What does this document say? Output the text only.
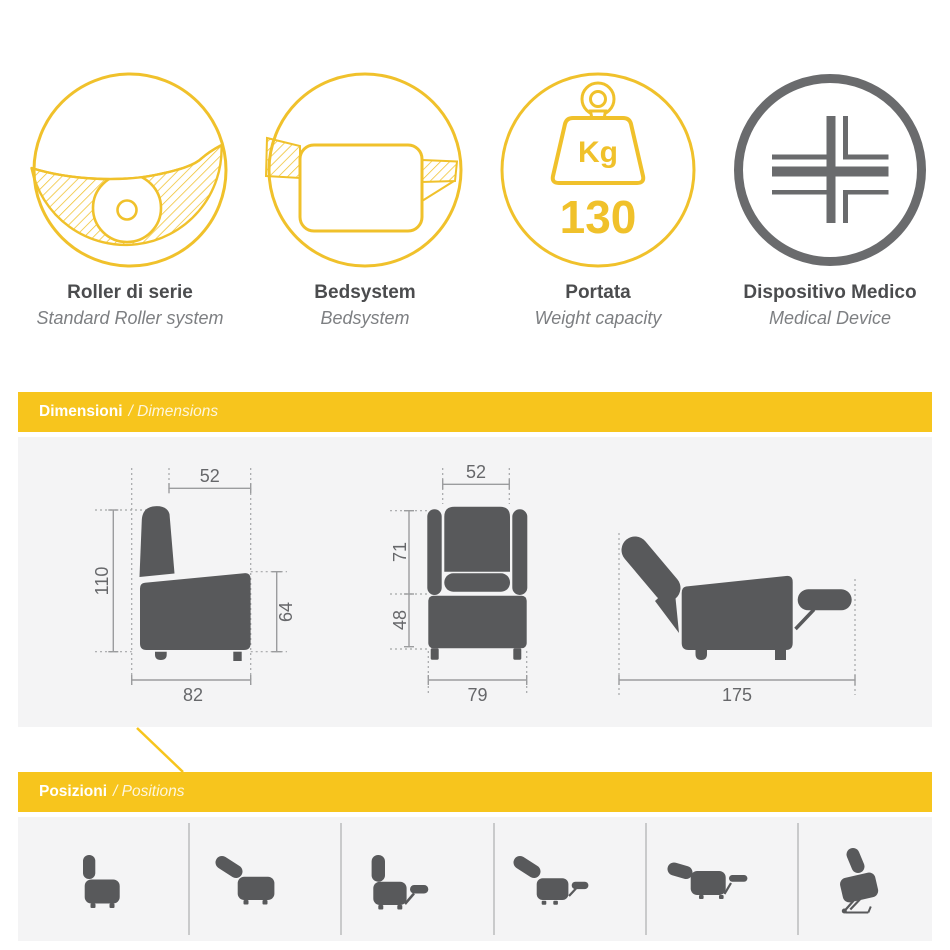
Roller di serie
Standard Roller system
Bedsystem
Bedsystem
Kg
130
Portata
Weight capacity
Dispositivo Medico
Medical Device
Dimensioni / Dimensions
52
110
64
82
52
71
48
79	175
Posizioni / Positions
